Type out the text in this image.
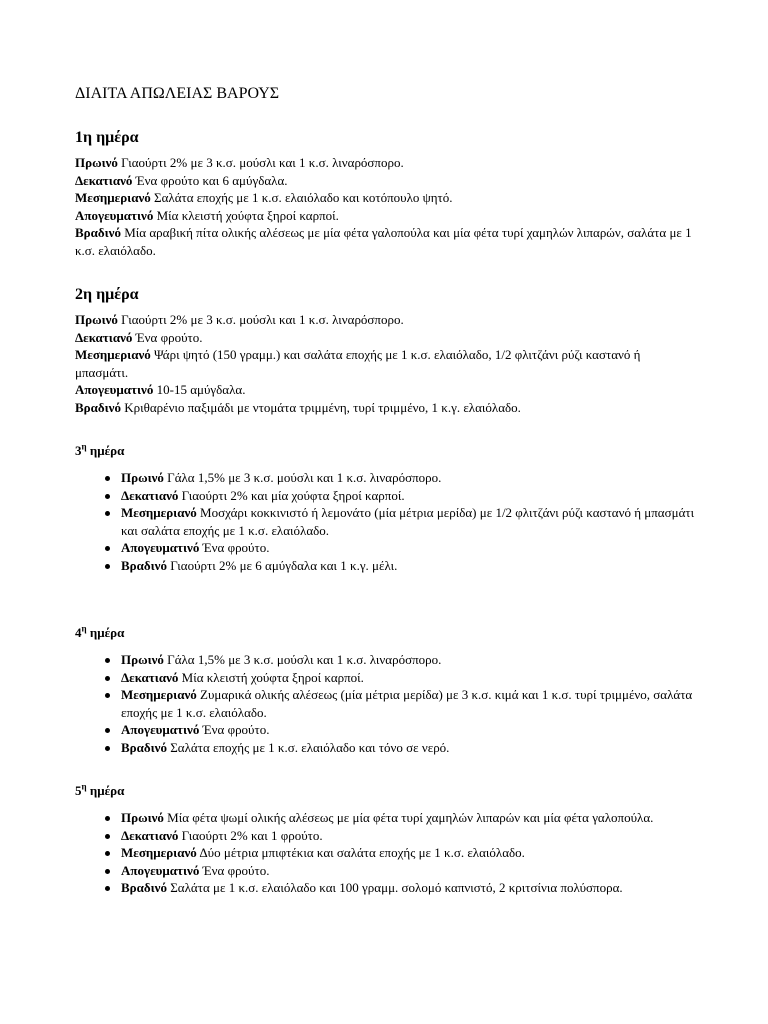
ΔΙΑΙΤΑ ΑΠΩΛΕΙΑΣ ΒΑΡΟΥΣ
1η ημέρα

Πρωινό Γιαούρτι 2% με 3 κ.σ. μούσλι και 1 κ.σ. λιναρόσπορο.

Δεκατιανό Ένα φρούτο και 6 αμύγδαλα.

Μεσημεριανό Σαλάτα εποχής με 1 κ.σ. ελαιόλαδο και κοτόπουλο ψητό.

Απογευματινό Μία κλειστή χούφτα ξηροί καρποί.

Βραδινό Μία αραβική πίτα ολικής αλέσεως με μία φέτα γαλοπούλα και μία φέτα τυρί χαμηλών λιπαρών, σαλάτα με 1 κ.σ. ελαιόλαδο.

2η ημέρα

Πρωινό Γιαούρτι 2% με 3 κ.σ. μούσλι και 1 κ.σ. λιναρόσπορο.

Δεκατιανό Ένα φρούτο.

Μεσημεριανό Ψάρι ψητό (150 γραμμ.) και σαλάτα εποχής με 1 κ.σ. ελαιόλαδο, 1/2 φλιτζάνι ρύζι καστανό ή μπασμάτι.

Απογευματινό 10-15 αμύγδαλα.

Βραδινό Κριθαρένιο παξιμάδι με ντομάτα τριμμένη, τυρί τριμμένο, 1 κ.γ. ελαιόλαδο.

$3^\eta$ ημέρα
Πρωινό Γάλα 1,5% με 3 κ.σ. μούσλι και 1 κ.σ. λιναρόσπορο.
Δεκατιανό Γιαούρτι 2% και μία χούφτα ξηροί καρποί.
Μεσημεριανό Μοσχάρι κοκκινιστό ή λεμονάτο (μία μέτρια μερίδα) με 1/2 φλιτζάνι ρύζι καστανό ή μπασμάτι και σαλάτα εποχής με 1 κ.σ. ελαιόλαδο.
Απογευματινό Ένα φρούτο.
Βραδινό Γιαούρτι 2% με 6 αμύγδαλα και 1 κ.γ. μέλι.
$4^\eta$ ημέρα
Πρωινό Γάλα 1,5% με 3 κ.σ. μούσλι και 1 κ.σ. λιναρόσπορο.
Δεκατιανό Μία κλειστή χούφτα ξηροί καρποί.
Μεσημεριανό Ζυμαρικά ολικής αλέσεως (μία μέτρια μερίδα) με 3 κ.σ. κιμά και 1 κ.σ. τυρί τριμμένο, σαλάτα εποχής με 1 κ.σ. ελαιόλαδο.
Απογευματινό Ένα φρούτο.
Βραδινό Σαλάτα εποχής με 1 κ.σ. ελαιόλαδο και τόνο σε νερό.
$5^\eta$ ημέρα
Πρωινό Μία φέτα ψωμί ολικής αλέσεως με μία φέτα τυρί χαμηλών λιπαρών και μία φέτα γαλοπούλα.
Δεκατιανό Γιαούρτι 2% και 1 φρούτο.
Μεσημεριανό Δύο μέτρια μπιφτέκια και σαλάτα εποχής με 1 κ.σ. ελαιόλαδο.
Απογευματινό Ένα φρούτο.
Βραδινό Σαλάτα με 1 κ.σ. ελαιόλαδο και 100 γραμμ. σολομό καπνιστό, 2 κριτσίνια πολύσπορα.
